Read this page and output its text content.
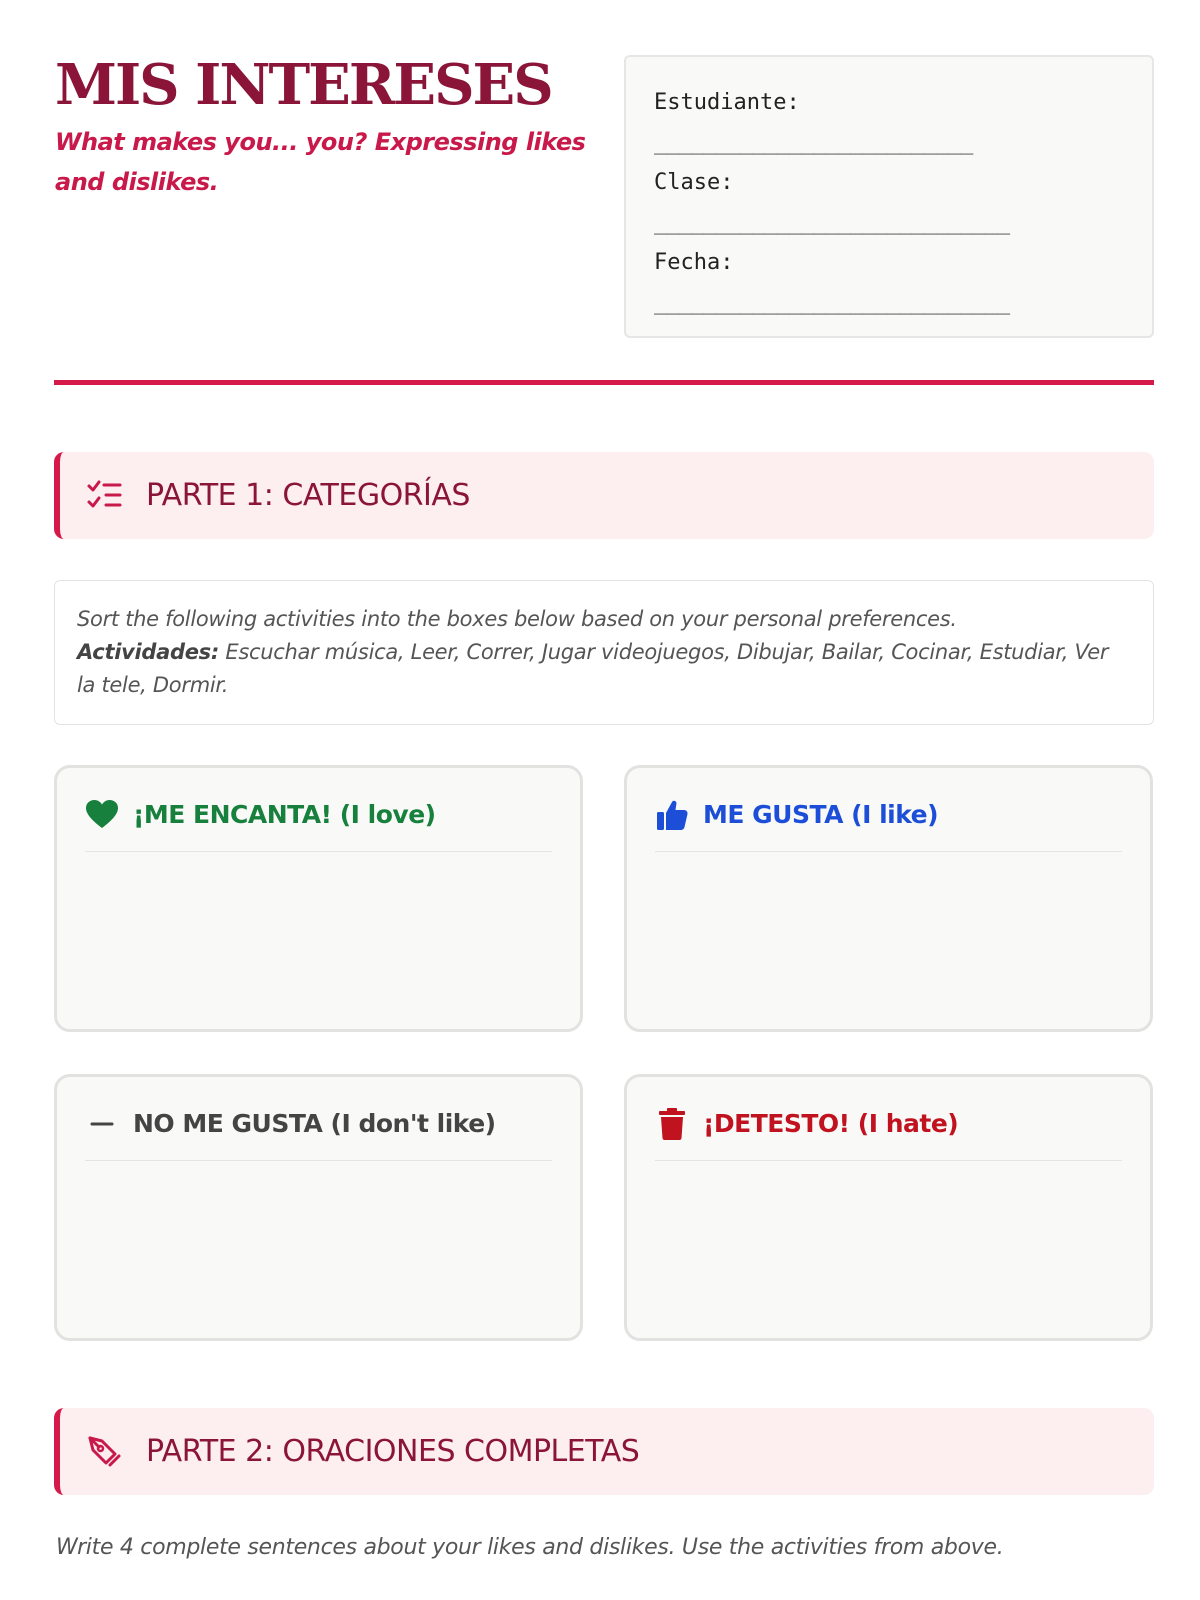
MIS INTERESES
What makes you... you? Expressing likes and dislikes.
Estudiante:
__________________________
Clase:
_____________________________
Fecha:
_____________________________
PARTE 1: CATEGORÍAS
Sort the following activities into the boxes below based on your personal preferences.
Actividades: Escuchar música, Leer, Correr, Jugar videojuegos, Dibujar, Bailar, Cocinar, Estudiar, Ver la tele, Dormir.
¡ME ENCANTA! (I love)	ME GUSTA (I like)
NO ME GUSTA (I don't like)	¡DETESTO! (I hate)
PARTE 2: ORACIONES COMPLETAS
Write 4 complete sentences about your likes and dislikes. Use the activities from above.
